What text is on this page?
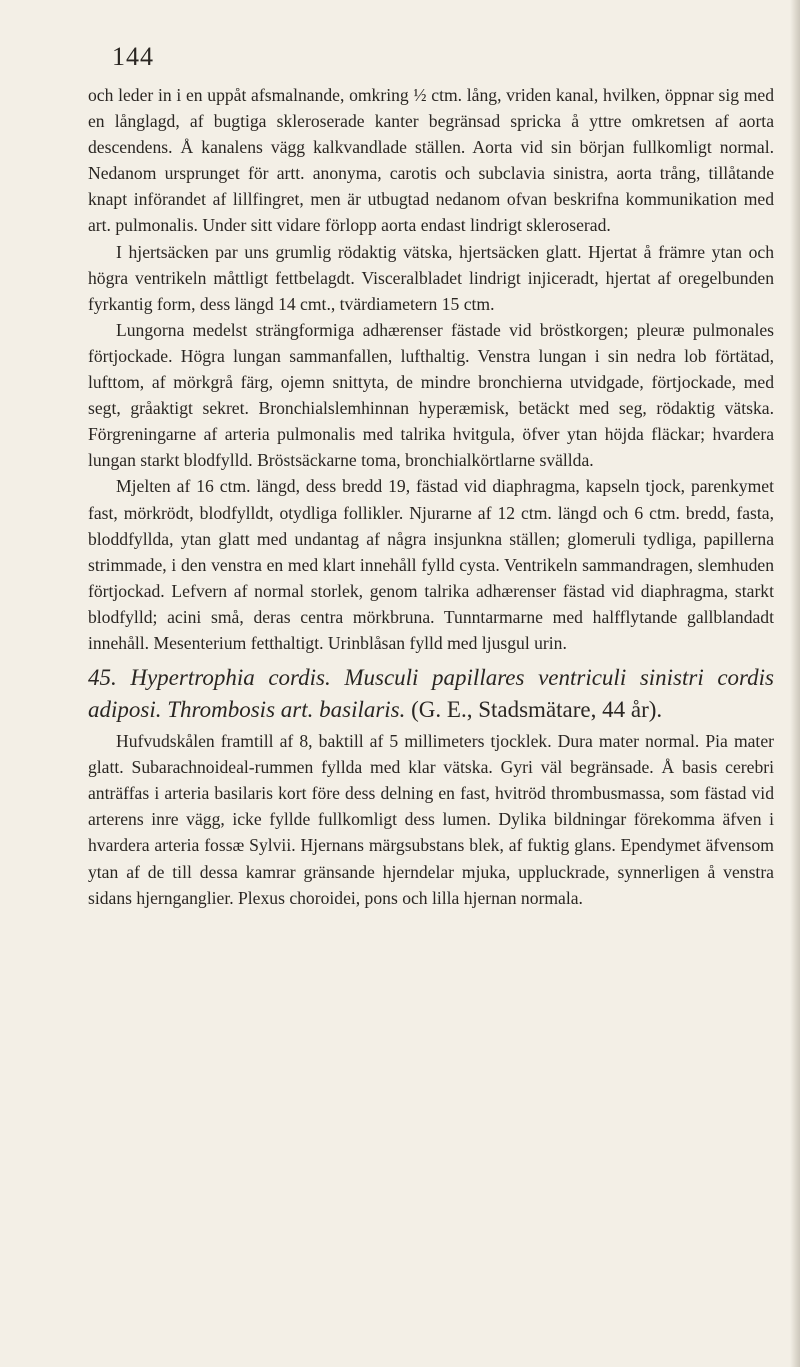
144

och leder in i en uppåt afsmalnande, omkring ½ ctm. lång, vriden kanal, hvilken, öppnar sig med en långlagd, af bugtiga skleroserade kanter begränsad spricka å yttre omkretsen af aorta descendens. Å kanalens vägg kalkvandlade ställen. Aorta vid sin början fullkomligt normal. Nedanom ursprunget för artt. anonyma, carotis och subclavia sinistra, aorta trång, tillåtande knapt införandet af lillfingret, men är utbugtad nedanom ofvan beskrifna kommunikation med art. pulmonalis. Under sitt vidare förlopp aorta endast lindrigt skleroserad.

I hjertsäcken par uns grumlig rödaktig vätska, hjertsäcken glatt. Hjertat å främre ytan och högra ventrikeln måttligt fettbelagdt. Visceralbladet lindrigt injiceradt, hjertat af oregelbunden fyrkantig form, dess längd 14 cmt., tvärdiametern 15 ctm.

Lungorna medelst strängformiga adhærenser fästade vid bröstkorgen; pleuræ pulmonales förtjockade. Högra lungan sammanfallen, lufthaltig. Venstra lungan i sin nedra lob förtätad, lufttom, af mörkgrå färg, ojemn snittyta, de mindre bronchierna utvidgade, förtjockade, med segt, gråaktigt sekret. Bronchialslemhinnan hyperæmisk, betäckt med seg, rödaktig vätska. Förgreningarne af arteria pulmonalis med talrika hvitgula, öfver ytan höjda fläckar; hvardera lungan starkt blodfylld. Bröstsäckarne toma, bronchialkörtlarne svällda.

Mjelten af 16 ctm. längd, dess bredd 19, fästad vid diaphragma, kapseln tjock, parenkymet fast, mörkrödt, blodfylldt, otydliga follikler. Njurarne af 12 ctm. längd och 6 ctm. bredd, fasta, bloddfyllda, ytan glatt med undantag af några insjunkna ställen; glomeruli tydliga, papillerna strimmade, i den venstra en med klart innehåll fylld cysta. Ventrikeln sammandragen, slemhuden förtjockad. Lefvern af normal storlek, genom talrika adhærenser fästad vid diaphragma, starkt blodfylld; acini små, deras centra mörkbruna. Tunntarmarne med halfflytande gallblandadt innehåll. Mesenterium fetthaltigt. Urinblåsan fylld med ljusgul urin.

45. Hypertrophia cordis. Musculi papillares ventriculi sinistri cordis adiposi. Thrombosis art. basilaris. (G. E., Stadsmätare, 44 år).

Hufvudskålen framtill af 8, baktill af 5 millimeters tjocklek. Dura mater normal. Pia mater glatt. Subarachnoideal-rummen fyllda med klar vätska. Gyri väl begränsade. Å basis cerebri anträffas i arteria basilaris kort före dess delning en fast, hvitröd thrombusmassa, som fästad vid arterens inre vägg, icke fyllde fullkomligt dess lumen. Dylika bildningar förekomma äfven i hvardera arteria fossæ Sylvii. Hjernans märgsubstans blek, af fuktig glans. Ependymet äfvensom ytan af de till dessa kamrar gränsande hjerndelar mjuka, uppluckrade, synnerligen å venstra sidans hjernganglier. Plexus choroidei, pons och lilla hjernan normala.
